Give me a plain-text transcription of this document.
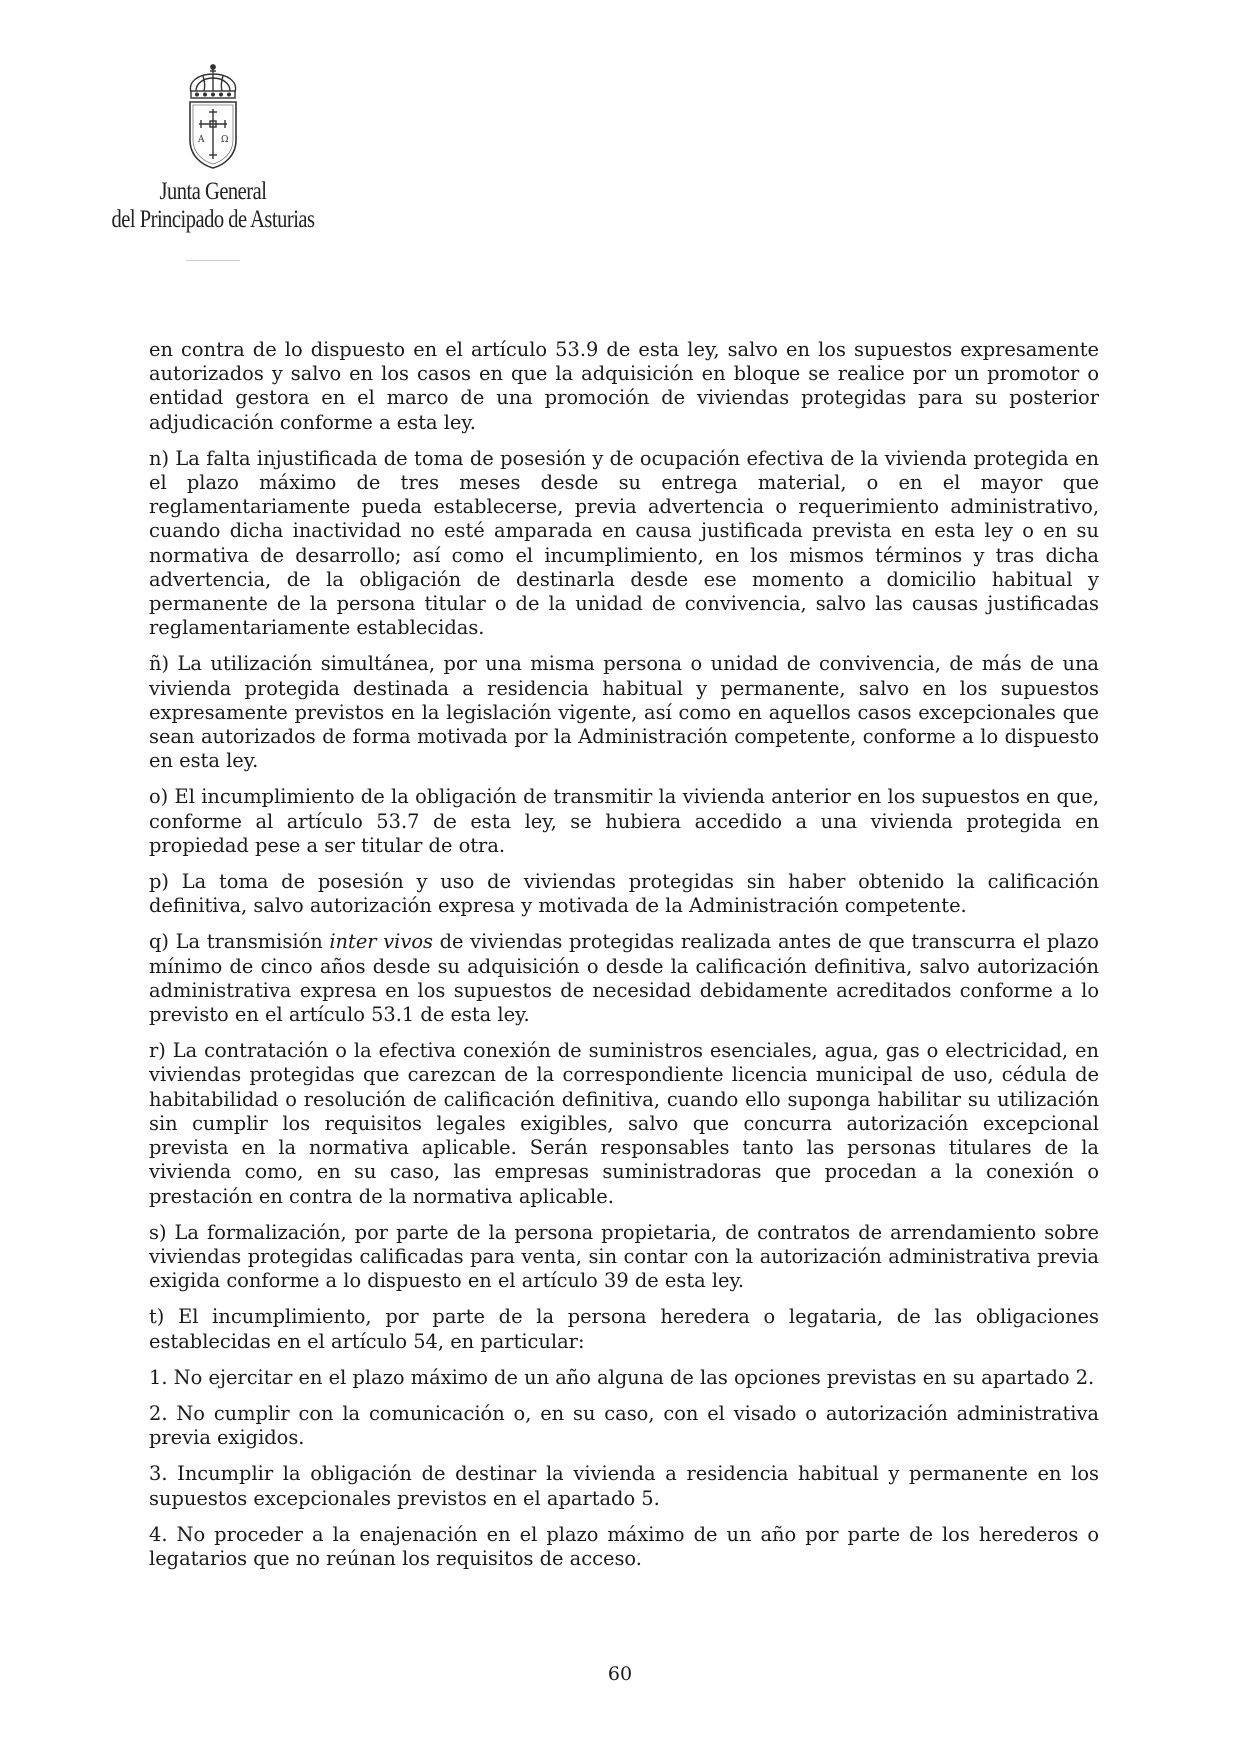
A Ω
Junta General
del Principado de Asturias

en contra de lo dispuesto en el artículo 53.9 de esta ley, salvo en los supuestos expresamente autorizados y salvo en los casos en que la adquisición en bloque se realice por un promotor o entidad gestora en el marco de una promoción de viviendas protegidas para su posterior adjudicación conforme a esta ley.

n) La falta injustificada de toma de posesión y de ocupación efectiva de la vivienda protegida en el plazo máximo de tres meses desde su entrega material, o en el mayor que reglamentariamente pueda establecerse, previa advertencia o requerimiento administrativo, cuando dicha inactividad no esté amparada en causa justificada prevista en esta ley o en su normativa de desarrollo; así como el incumplimiento, en los mismos términos y tras dicha advertencia, de la obligación de destinarla desde ese momento a domicilio habitual y permanente de la persona titular o de la unidad de convivencia, salvo las causas justificadas reglamentariamente establecidas.

ñ) La utilización simultánea, por una misma persona o unidad de convivencia, de más de una vivienda protegida destinada a residencia habitual y permanente, salvo en los supuestos expresamente previstos en la legislación vigente, así como en aquellos casos excepcionales que sean autorizados de forma motivada por la Administración competente, conforme a lo dispuesto en esta ley.

o) El incumplimiento de la obligación de transmitir la vivienda anterior en los supuestos en que, conforme al artículo 53.7 de esta ley, se hubiera accedido a una vivienda protegida en propiedad pese a ser titular de otra.

p) La toma de posesión y uso de viviendas protegidas sin haber obtenido la calificación definitiva, salvo autorización expresa y motivada de la Administración competente.

q) La transmisión inter vivos de viviendas protegidas realizada antes de que transcurra el plazo mínimo de cinco años desde su adquisición o desde la calificación definitiva, salvo autorización administrativa expresa en los supuestos de necesidad debidamente acreditados conforme a lo previsto en el artículo 53.1 de esta ley.

r) La contratación o la efectiva conexión de suministros esenciales, agua, gas o electricidad, en viviendas protegidas que carezcan de la correspondiente licencia municipal de uso, cédula de habitabilidad o resolución de calificación definitiva, cuando ello suponga habilitar su utilización sin cumplir los requisitos legales exigibles, salvo que concurra autorización excepcional prevista en la normativa aplicable. Serán responsables tanto las personas titulares de la vivienda como, en su caso, las empresas suministradoras que procedan a la conexión o prestación en contra de la normativa aplicable.

s) La formalización, por parte de la persona propietaria, de contratos de arrendamiento sobre viviendas protegidas calificadas para venta, sin contar con la autorización administrativa previa exigida conforme a lo dispuesto en el artículo 39 de esta ley.

t) El incumplimiento, por parte de la persona heredera o legataria, de las obligaciones establecidas en el artículo 54, en particular:

1. No ejercitar en el plazo máximo de un año alguna de las opciones previstas en su apartado 2.

2. No cumplir con la comunicación o, en su caso, con el visado o autorización administrativa previa exigidos.

3. Incumplir la obligación de destinar la vivienda a residencia habitual y permanente en los supuestos excepcionales previstos en el apartado 5.

4. No proceder a la enajenación en el plazo máximo de un año por parte de los herederos o legatarios que no reúnan los requisitos de acceso.

60
